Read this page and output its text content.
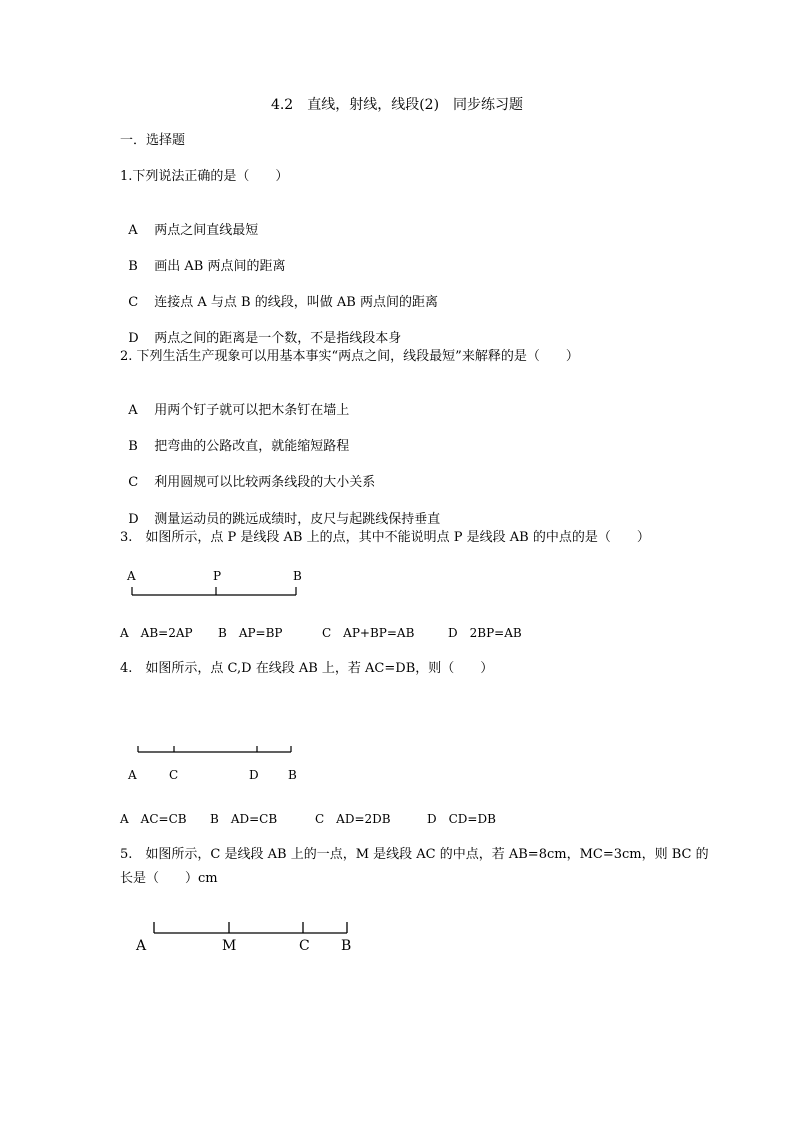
4.2　直线，射线，线段(2)　同步练习题
一．选择题
1.下列说法正确的是（　　）

A 两点之间直线最短

B 画出 AB 两点间的距离

C 连接点 A 与点 B 的线段，叫做 AB 两点间的距离

D 两点之间的距离是一个数，不是指线段本身

2. 下列生活生产现象可以用基本事实“两点之间，线段最短”来解释的是（　　）

A 用两个钉子就可以把木条钉在墙上

B 把弯曲的公路改直，就能缩短路程

C 利用圆规可以比较两条线段的大小关系

D 测量运动员的跳远成绩时，皮尺与起跳线保持垂直

3.　如图所示，点 P 是线段 AB 上的点，其中不能说明点 P 是线段 AB 的中点的是（　　）
A	P	B
A　AB=2AP B　AP=BP	C　AP+BP=AB	D　2BP=AB
4.　如图所示，点 C,D 在线段 AB 上，若 AC=DB，则（　　）
A	C	D B
A　AC=CB B　AD=CB	C　AD=2DB	D　CD=DB
5.　如图所示，C 是线段 AB 上的一点，M 是线段 AC 的中点，若 AB=8cm，MC=3cm，则 BC 的
长是（　　）cm
A	M	C B
